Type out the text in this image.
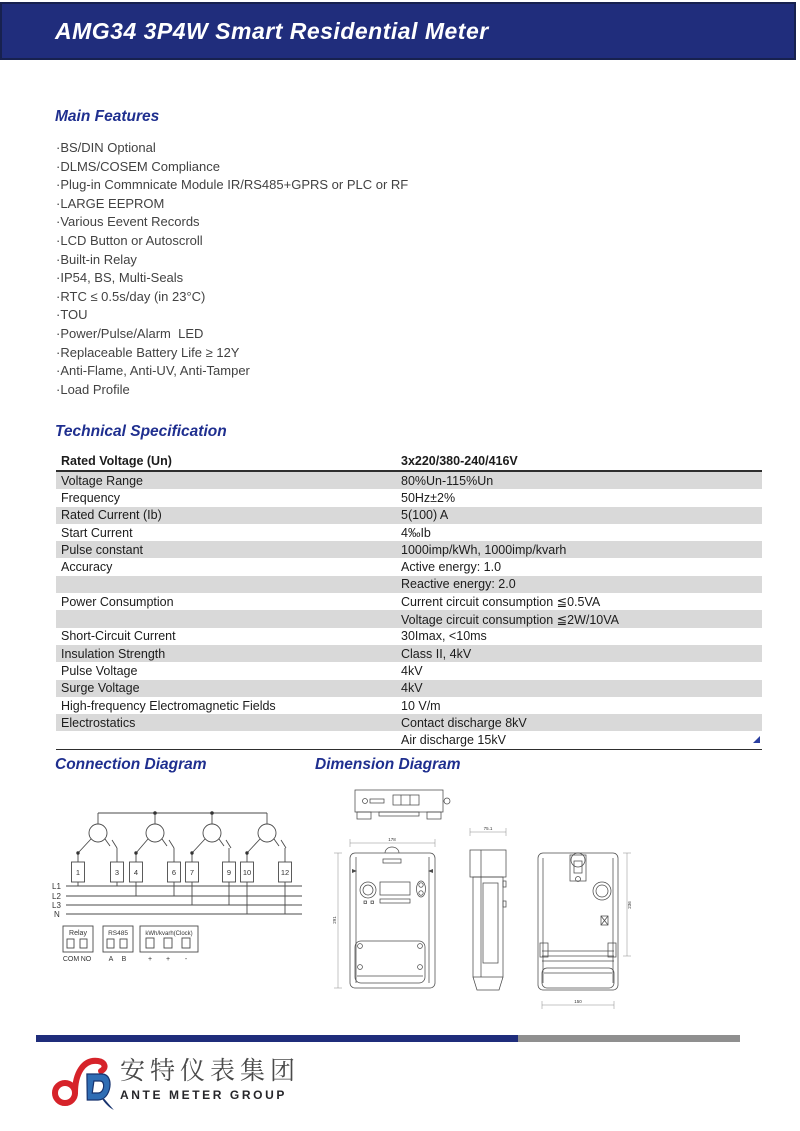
AMG34 3P4W Smart Residential Meter
Main Features
· BS/DIN Optional
· DLMS/COSEM Compliance
· Plug-in Commnicate Module IR/RS485+GPRS or PLC or RF
· LARGE EEPROM
· Various Eevent Records
· LCD Button or Autoscroll
· Built-in Relay
· IP54, BS, Multi-Seals
· RTC ≤ 0.5s/day (in 23°C)
· TOU
· Power/Pulse/Alarm  LED
· Replaceable Battery Life ≥ 12Y
· Anti-Flame, Anti-UV, Anti-Tamper
· Load Profile
Technical Specification
Rated Voltage (Un)	3x220/380-240/416V
Voltage Range	80%Un-115%Un
Frequency	50Hz±2%
Rated Current (Ib)	5(100) A
Start Current	4‰Ib
Pulse constant	1000imp/kWh, 1000imp/kvarh
Accuracy	Active energy: 1.0
Reactive energy: 2.0
Power Consumption	Current circuit consumption ≦0.5VA
Voltage circuit consumption ≦2W/10VA
Short-Circuit Current	30Imax, <10ms
Insulation Strength	Class II, 4kV
Pulse Voltage	4kV
Surge Voltage	4kV
High-frequency Electromagnetic Fields	10 V/m
Electrostatics	Contact discharge 8kV
Air discharge 15kV
Connection Diagram
1	3 4	6 7	9 10	12
L1
L2
L3
N
Relay
COM NO
RS485
A B
kWh/kvarh(Clock)
+ + -
Dimension Diagram
178
291
75.1
236
150
安特仪表集团
ANTE METER GROUP
